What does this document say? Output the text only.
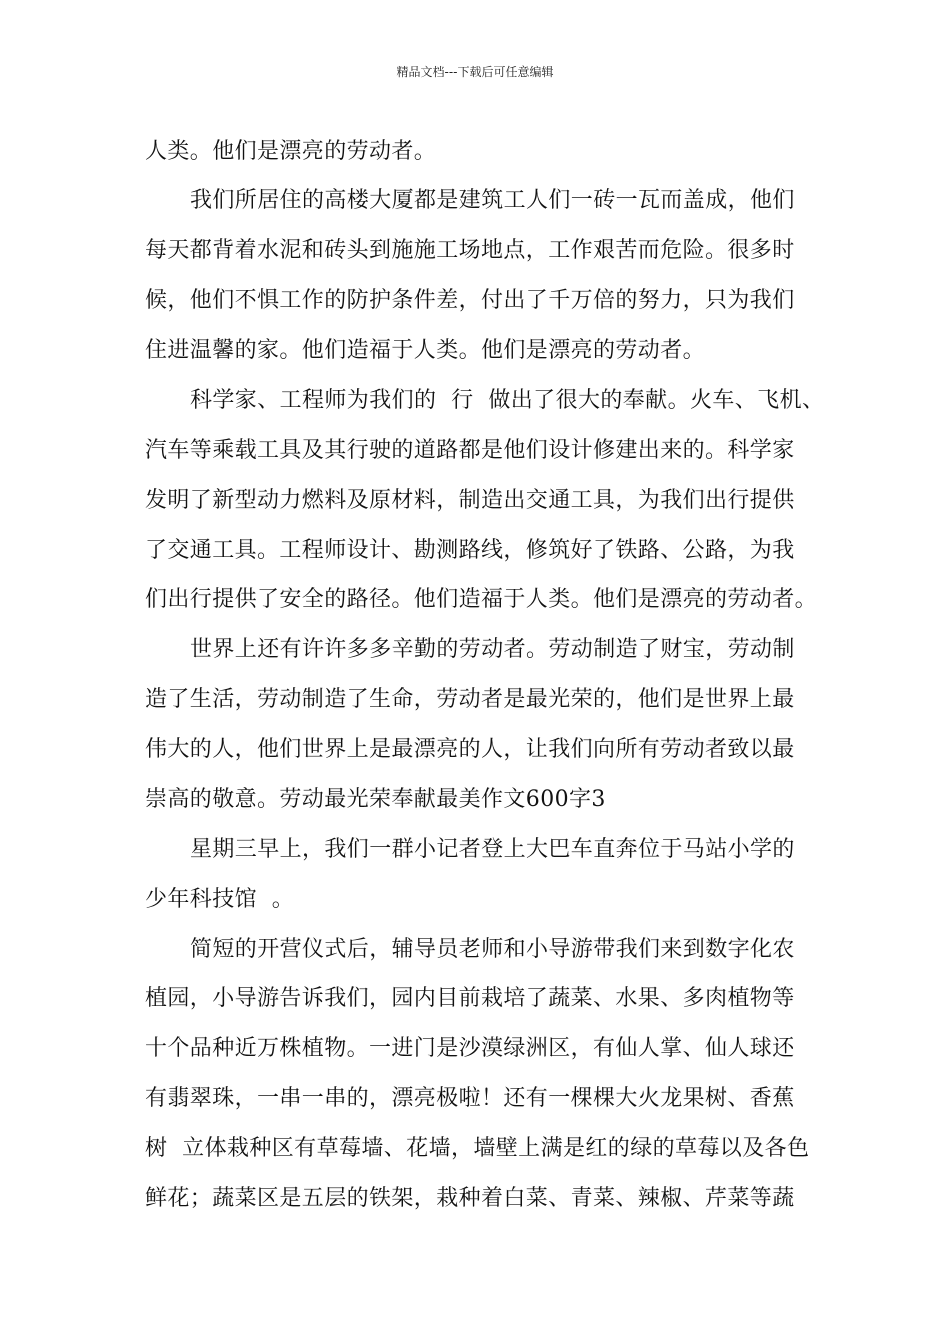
精品文档---下载后可任意编辑
人类。他们是漂亮的劳动者。
我们所居住的高楼大厦都是建筑工人们一砖一瓦而盖成，他们
每天都背着水泥和砖头到施施工场地点，工作艰苦而危险。很多时
候，他们不惧工作的防护条件差，付出了千万倍的努力，只为我们
住进温馨的家。他们造福于人类。他们是漂亮的劳动者。
科学家、工程师为我们的  行  做出了很大的奉献。火车、飞机、
汽车等乘载工具及其行驶的道路都是他们设计修建出来的。科学家
发明了新型动力燃料及原材料，制造出交通工具，为我们出行提供
了交通工具。工程师设计、勘测路线，修筑好了铁路、公路，为我
们出行提供了安全的路径。他们造福于人类。他们是漂亮的劳动者。
世界上还有许许多多辛勤的劳动者。劳动制造了财宝，劳动制
造了生活，劳动制造了生命，劳动者是最光荣的，他们是世界上最
伟大的人，他们世界上是最漂亮的人，让我们向所有劳动者致以最
崇高的敬意。劳动最光荣奉献最美作文600字3
星期三早上，我们一群小记者登上大巴车直奔位于马站小学的
少年科技馆  。
简短的开营仪式后，辅导员老师和小导游带我们来到数字化农
植园，小导游告诉我们，园内目前栽培了蔬菜、水果、多肉植物等
十个品种近万株植物。一进门是沙漠绿洲区，有仙人掌、仙人球还
有翡翠珠，一串一串的，漂亮极啦！还有一棵棵大火龙果树、香蕉
树  立体栽种区有草莓墙、花墙，墙壁上满是红的绿的草莓以及各色
鲜花；蔬菜区是五层的铁架，栽种着白菜、青菜、辣椒、芹菜等蔬
